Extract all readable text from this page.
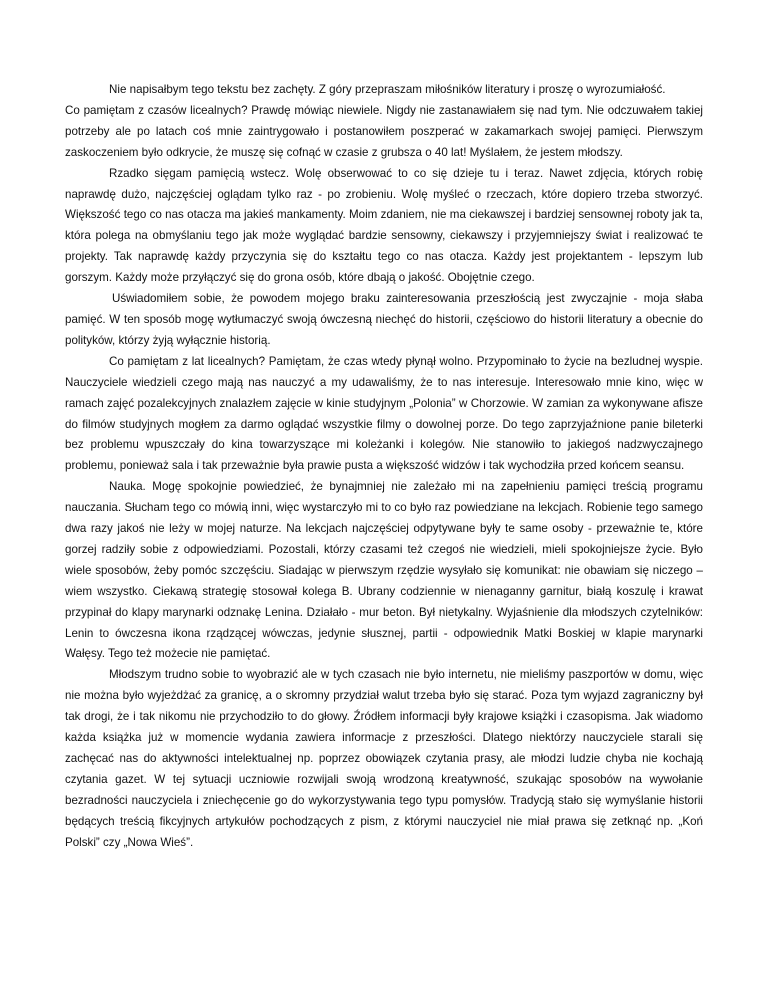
Nie napisałbym tego tekstu bez zachęty. Z góry przepraszam miłośników literatury i proszę o wyrozumiałość.

Co pamiętam z czasów licealnych? Prawdę mówiąc niewiele. Nigdy nie zastanawiałem się nad tym. Nie odczuwałem takiej potrzeby ale po latach coś mnie zaintrygowało i postanowiłem poszperać w zakamarkach swojej pamięci. Pierwszym zaskoczeniem było odkrycie, że muszę się cofnąć w czasie z grubsza o 40 lat! Myślałem, że jestem młodszy.

Rzadko sięgam pamięcią wstecz. Wolę obserwować to co się dzieje tu i teraz. Nawet zdjęcia, których robię naprawdę dużo, najczęściej oglądam tylko raz - po zrobieniu. Wolę myśleć o rzeczach, które dopiero trzeba stworzyć. Większość tego co nas otacza ma jakieś mankamenty. Moim zdaniem, nie ma ciekawszej i bardziej sensownej roboty jak ta, która polega na obmyślaniu tego jak może wyglądać bardzie sensowny, ciekawszy i przyjemniejszy świat i realizować te projekty. Tak naprawdę każdy przyczynia się do kształtu tego co nas otacza. Każdy jest projektantem - lepszym lub gorszym. Każdy może przyłączyć się do grona osób, które dbają o jakość. Obojętnie czego.

Uświadomiłem sobie, że powodem mojego braku zainteresowania przeszłością jest zwyczajnie - moja słaba pamięć. W ten sposób mogę wytłumaczyć swoją ówczesną niechęć do historii, częściowo do historii literatury a obecnie do polityków, którzy żyją wyłącznie historią.

Co pamiętam z lat licealnych? Pamiętam, że czas wtedy płynął wolno. Przypominało to życie na bezludnej wyspie. Nauczyciele wiedzieli czego mają nas nauczyć a my udawaliśmy, że to nas interesuje. Interesowało mnie kino, więc w ramach zajęć pozalekcyjnych znalazłem zajęcie w kinie studyjnym „Polonia” w Chorzowie. W zamian za wykonywane afisze do filmów studyjnych mogłem za darmo oglądać wszystkie filmy o dowolnej porze. Do tego zaprzyjaźnione panie bileterki bez problemu wpuszczały do kina towarzyszące mi koleżanki i kolegów. Nie stanowiło to jakiegoś nadzwyczajnego problemu, ponieważ sala i tak przeważnie była prawie pusta a większość widzów i tak wychodziła przed końcem seansu.

Nauka. Mogę spokojnie powiedzieć, że bynajmniej nie zależało mi na zapełnieniu pamięci treścią programu nauczania. Słucham tego co mówią inni, więc wystarczyło mi to co było raz powiedziane na lekcjach. Robienie tego samego dwa razy jakoś nie leży w mojej naturze. Na lekcjach najczęściej odpytywane były te same osoby - przeważnie te, które gorzej radziły sobie z odpowiedziami. Pozostali, którzy czasami też czegoś nie wiedzieli, mieli spokojniejsze życie. Było wiele sposobów, żeby pomóc szczęściu. Siadając w pierwszym rzędzie wysyłało się komunikat: nie obawiam się niczego – wiem wszystko. Ciekawą strategię stosował kolega B. Ubrany codziennie w nienaganny garnitur, białą koszulę i krawat przypinał do klapy marynarki odznakę Lenina. Działało - mur beton. Był nietykalny. Wyjaśnienie dla młodszych czytelników: Lenin to ówczesna ikona rządzącej wówczas, jedynie słusznej, partii - odpowiednik Matki Boskiej w klapie marynarki Wałęsy. Tego też możecie nie pamiętać.

Młodszym trudno sobie to wyobrazić ale w tych czasach nie było internetu, nie mieliśmy paszportów w domu, więc nie można było wyjeżdżać za granicę, a o skromny przydział walut trzeba było się starać. Poza tym wyjazd zagraniczny był tak drogi, że i tak nikomu nie przychodziło to do głowy. Źródłem informacji były krajowe książki i czasopisma. Jak wiadomo każda książka już w momencie wydania zawiera informacje z przeszłości. Dlatego niektórzy nauczyciele starali się zachęcać nas do aktywności intelektualnej np. poprzez obowiązek czytania prasy, ale młodzi ludzie chyba nie kochają czytania gazet. W tej sytuacji uczniowie rozwijali swoją wrodzoną kreatywność, szukając sposobów na wywołanie bezradności nauczyciela i zniechęcenie go do wykorzystywania tego typu pomysłów. Tradycją stało się wymyślanie historii będących treścią fikcyjnych artykułów pochodzących z pism, z którymi nauczyciel nie miał prawa się zetknąć np. „Koń Polski” czy „Nowa Wieś”.
